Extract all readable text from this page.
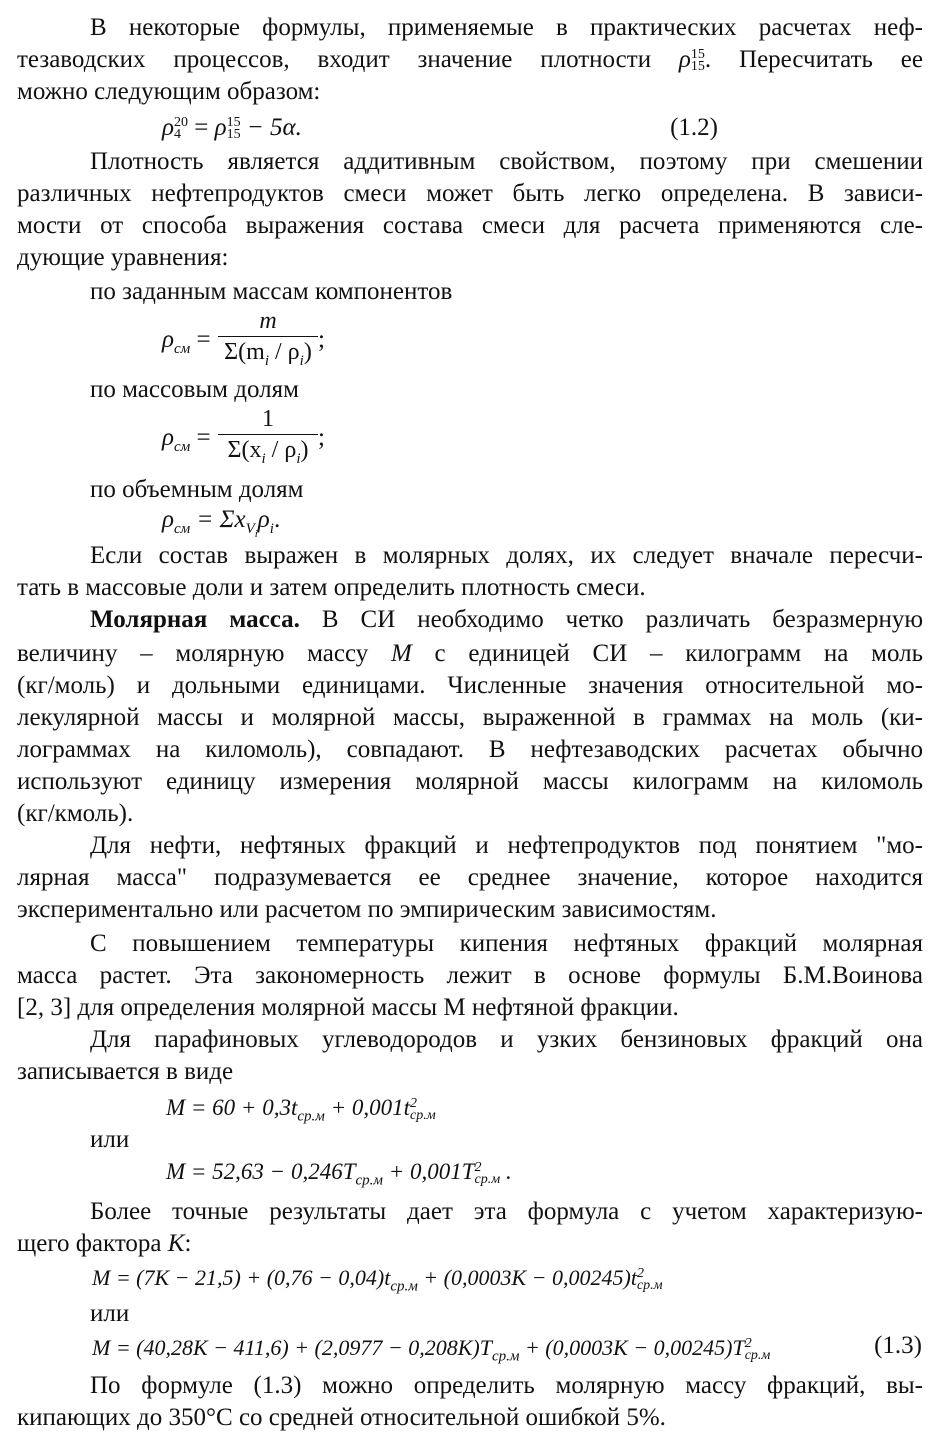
В некоторые формулы, применяемые в практических расчетах неф-
тезаводских процессов, входит значение плотности ρ 15
15 . Пересчитать ее
можно следующим образом:
ρ 20
4 = ρ 15
15 − 5α.	(1.2)
Плотность является аддитивным свойством, поэтому при смешении
различных нефтепродуктов смеси может быть легко определена. В зависи-
мости от способа выражения состава смеси для расчета применяются сле-
дующие уравнения:
по заданным массам компонентов
$\rho_{см}$ =
m
$\Sigma(m_i / \rho_i)$ ;
по массовым долям
$\rho_{см}$ =
1
$\Sigma(x_i / \rho_i)$ ;
по объемным долям
$\rho_{см} = \Sigma x_{V_i}\rho_i$.
Если состав выражен в молярных долях, их следует вначале пересчи-
тать в массовые доли и затем определить плотность смеси.
Молярная масса. В СИ необходимо четко различать безразмерную
величину – молярную массу М с единицей СИ – килограмм на моль
(кг/моль) и дольными единицами. Численные значения относительной мо-
лекулярной массы и молярной массы, выраженной в граммах на моль (ки-
лограммах на киломоль), совпадают. В нефтезаводских расчетах обычно
используют единицу измерения молярной массы килограмм на киломоль
(кг/кмоль).
Для нефти, нефтяных фракций и нефтепродуктов под понятием "мо-
лярная масса" подразумевается ее среднее значение, которое находится
экспериментально или расчетом по эмпирическим зависимостям.
С повышением температуры кипения нефтяных фракций молярная
масса растет. Эта закономерность лежит в основе формулы Б.М.Воинова
[2, 3] для определения молярной массы М нефтяной фракции.
Для парафиновых углеводородов и узких бензиновых фракций она
записывается в виде
$M = 60 + 0,3t_{ср.м} + 0,001t$ 2
ср.м
или
$M = 52,63 - 0,246T_{ср.м} + 0,001T$ 2
ср.м .
Более точные результаты дает эта формула с учетом характеризую-
щего фактора K:
$M = (7K - 21,5) + (0,76 - 0,04)t_{ср.м} + (0,0003K - 0,00245)t$ 2
ср.м
или
$M = (40,28K - 411,6) + (2,0977 - 0,208K)T_{ср.м} + (0,0003K - 0,00245)T$ 2
ср.м	(1.3)
По формуле (1.3) можно определить молярную массу фракций, вы-
кипающих до 350°С со средней относительной ошибкой 5%.
